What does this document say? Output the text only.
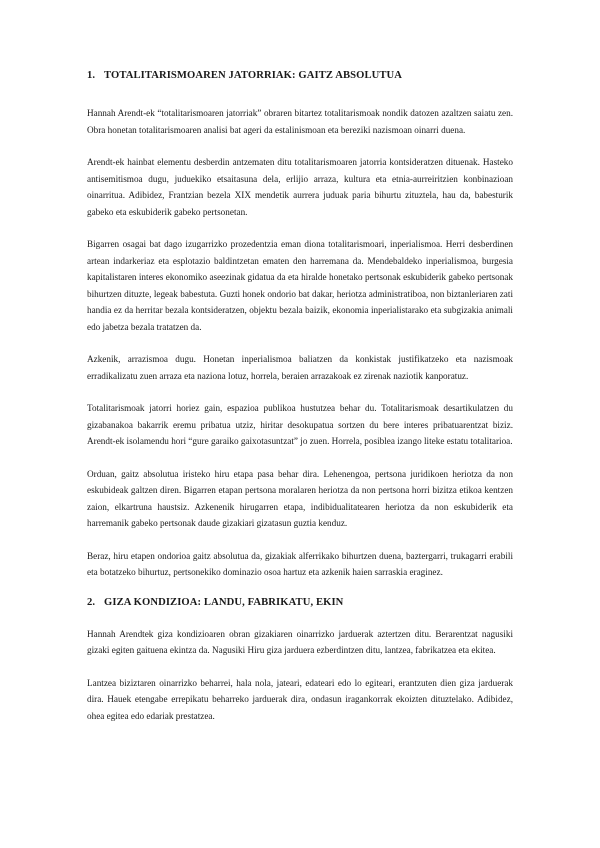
1. TOTALITARISMOAREN JATORRIAK: GAITZ ABSOLUTUA

Hannah Arendt-ek “totalitarismoaren jatorriak” obraren bitartez totalitarismoak nondik datozen azaltzen saiatu zen. Obra honetan totalitarismoaren analisi bat ageri da estalinismoan eta bereziki nazismoan oinarri duena.

Arendt-ek hainbat elementu desberdin antzematen ditu totalitarismoaren jatorria kontsideratzen dituenak. Hasteko antisemitismoa dugu, juduekiko etsaitasuna dela, erlijio arraza, kultura eta etnia-aurreiritzien konbinazioan oinarritua. Adibidez, Frantzian bezela XIX mendetik aurrera juduak paria bihurtu zituztela, hau da, babesturik gabeko eta eskubiderik gabeko pertsonetan.

Bigarren osagai bat dago izugarrizko prozedentzia eman diona totalitarismoari, inperialismoa. Herri desberdinen artean indarkeriaz eta esplotazio baldintzetan ematen den harremana da. Mendebaldeko inperialismoa, burgesia kapitalistaren interes ekonomiko aseezinak gidatua da eta hiralde honetako pertsonak eskubiderik gabeko pertsonak bihurtzen dituzte, legeak babestuta. Guzti honek ondorio bat dakar, heriotza administratiboa, non biztanleriaren zati handia ez da herritar bezala kontsideratzen, objektu bezala baizik, ekonomia inperialistarako eta subgizakia animali edo jabetza bezala tratatzen da.

Azkenik, arrazismoa dugu. Honetan inperialismoa baliatzen da konkistak justifikatzeko eta nazismoak erradikalizatu zuen arraza eta naziona lotuz, horrela, beraien arrazakoak ez zirenak naziotik kanporatuz.

Totalitarismoak jatorri horiez gain, espazioa publikoa hustutzea behar du. Totalitarismoak desartikulatzen du gizabanakoa bakarrik eremu pribatua utziz, hiritar desokupatua sortzen du bere interes pribatuarentzat biziz. Arendt-ek isolamendu hori “gure garaiko gaixotasuntzat” jo zuen. Horrela, posiblea izango liteke estatu totalitarioa.

Orduan, gaitz absolutua iristeko hiru etapa pasa behar dira. Lehenengoa, pertsona juridikoen heriotza da non eskubideak galtzen diren. Bigarren etapan pertsona moralaren heriotza da non pertsona horri bizitza etikoa kentzen zaion, elkartruna haustsiz. Azkenenik hirugarren etapa, indibidualitatearen heriotza da non eskubiderik eta harremanik gabeko pertsonak daude gizakiari gizatasun guztia kenduz.

Beraz, hiru etapen ondorioa gaitz absolutua da, gizakiak alferrikako bihurtzen duena, baztergarri, trukagarri erabili eta botatzeko bihurtuz, pertsonekiko dominazio osoa hartuz eta azkenik haien sarraskia eraginez.

2. GIZA KONDIZIOA: LANDU, FABRIKATU, EKIN

Hannah Arendtek giza kondizioaren obran gizakiaren oinarrizko jarduerak aztertzen ditu. Berarentzat nagusiki gizaki egiten gaituena ekintza da. Nagusiki Hiru giza jarduera ezberdintzen ditu, lantzea, fabrikatzea eta ekitea.

Lantzea biziztaren oinarrizko beharrei, hala nola, jateari, edateari edo lo egiteari, erantzuten dien giza jarduerak dira. Hauek etengabe errepikatu beharreko jarduerak dira, ondasun iragankorrak ekoizten dituztelako. Adibidez, ohea egitea edo edariak prestatzea.
